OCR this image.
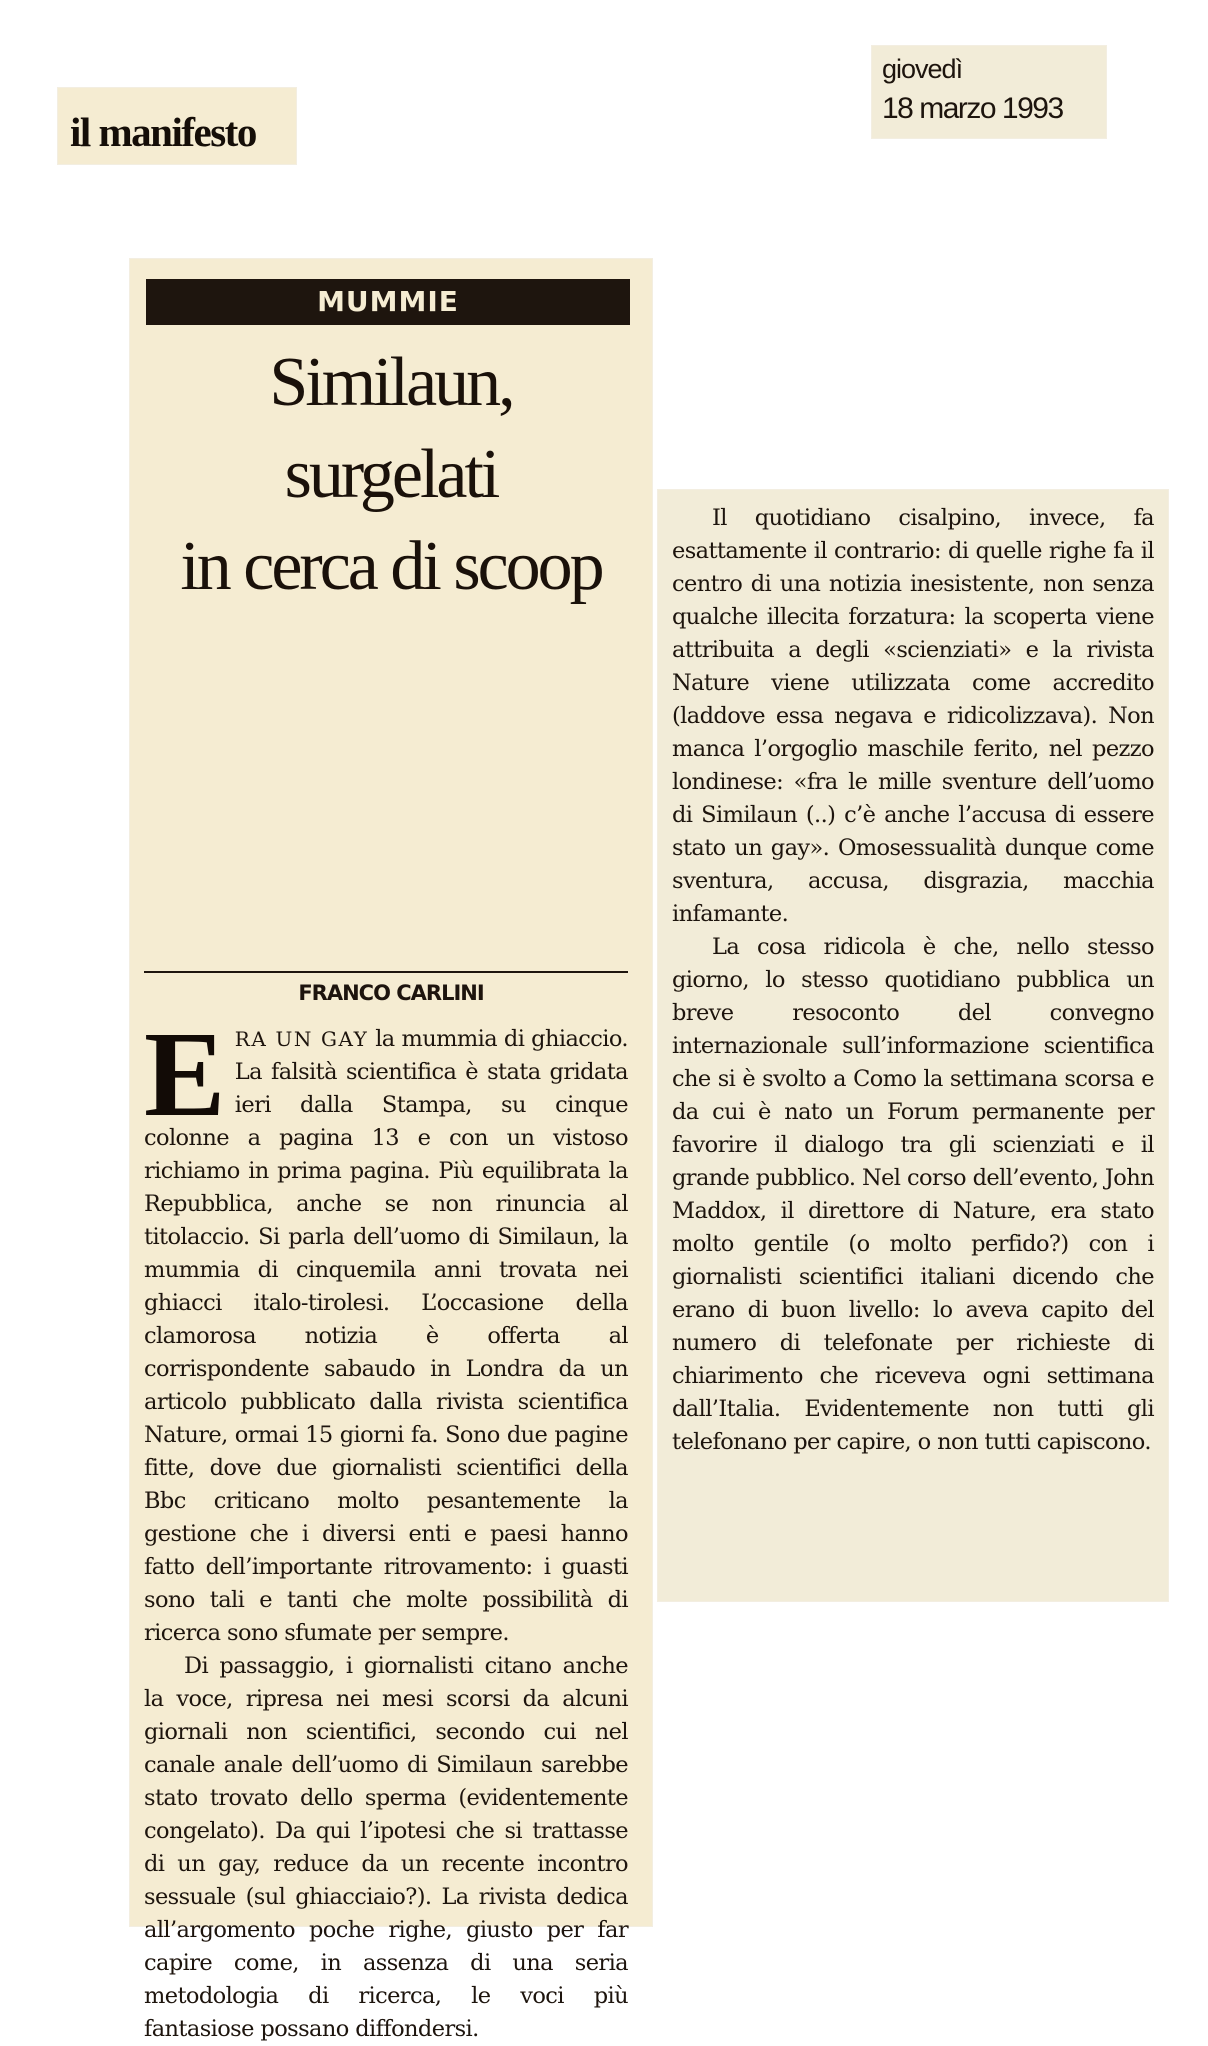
il manifesto
giovedì
18 marzo 1993
MUMMIE
Similaun,
surgelati
in cerca di scoop
FRANCO CARLINI

ERA UN GAY la mummia di ghiaccio. La falsità scientifica è stata gridata ieri dalla Stampa, su cinque colonne a pagina 13 e con un vistoso richiamo in prima pagina. Più equilibrata la Repubblica, anche se non rinuncia al titolaccio. Si parla dell’uomo di Similaun, la mummia di cinquemila anni trovata nei ghiacci italo-tirolesi. L’occasione della clamorosa notizia è offerta al corrispondente sabaudo in Londra da un articolo pubblicato dalla rivista scientifica Nature, ormai 15 giorni fa. Sono due pagine fitte, dove due giornalisti scientifici della Bbc criticano molto pesantemente la gestione che i diversi enti e paesi hanno fatto dell’importante ritrovamento: i guasti sono tali e tanti che molte possibilità di ricerca sono sfumate per sempre.

Di passaggio, i giornalisti citano anche la voce, ripresa nei mesi scorsi da alcuni giornali non scientifici, secondo cui nel canale anale dell’uomo di Similaun sarebbe stato trovato dello sperma (evidentemente congelato). Da qui l’ipotesi che si trattasse di un gay, reduce da un recente incontro sessuale (sul ghiacciaio?). La rivista dedica all’argomento poche righe, giusto per far capire come, in assenza di una seria metodologia di ricerca, le voci più fantasiose possano diffondersi.

Il quotidiano cisalpino, invece, fa esattamente il contrario: di quelle righe fa il centro di una notizia inesistente, non senza qualche illecita forzatura: la scoperta viene attribuita a degli «scienziati» e la rivista Nature viene utilizzata come accredito (laddove essa negava e ridicolizzava). Non manca l’orgoglio maschile ferito, nel pezzo londinese: «fra le mille sventure dell’uomo di Similaun (..) c’è anche l’accusa di essere stato un gay». Omosessualità dunque come sventura, accusa, disgrazia, macchia infamante.

La cosa ridicola è che, nello stesso giorno, lo stesso quotidiano pubblica un breve resoconto del convegno internazionale sull’informazione scientifica che si è svolto a Como la settimana scorsa e da cui è nato un Forum permanente per favorire il dialogo tra gli scienziati e il grande pubblico. Nel corso dell’evento, John Maddox, il direttore di Nature, era stato molto gentile (o molto perfido?) con i giornalisti scientifici italiani dicendo che erano di buon livello: lo aveva capito del numero di telefonate per richieste di chiarimento che riceveva ogni settimana dall’Italia. Evidentemente non tutti gli telefonano per capire, o non tutti capiscono.
